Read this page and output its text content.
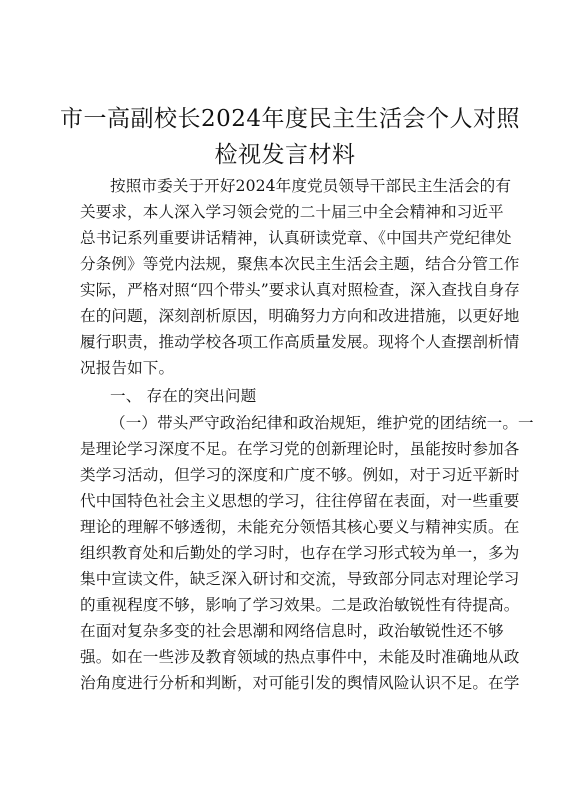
市一高副校长2024年度民主生活会个人对照
检视发言材料
按照市委关于开好2024年度党员领导干部民主生活会的有
关要求，本人深入学习领会党的二十届三中全会精神和习近平
总书记系列重要讲话精神，认真研读党章、《中国共产党纪律处
分条例》等党内法规，聚焦本次民主生活会主题，结合分管工作
实际，严格对照“四个带头”要求认真对照检查，深入查找自身存
在的问题，深刻剖析原因，明确努力方向和改进措施，以更好地
履行职责，推动学校各项工作高质量发展。现将个人查摆剖析情
况报告如下。
一、 存在的突出问题
（一）带头严守政治纪律和政治规矩，维护党的团结统一。一
是理论学习深度不足。在学习党的创新理论时，虽能按时参加各
类学习活动，但学习的深度和广度不够。例如，对于习近平新时
代中国特色社会主义思想的学习，往往停留在表面，对一些重要
理论的理解不够透彻，未能充分领悟其核心要义与精神实质。在
组织教育处和后勤处的学习时，也存在学习形式较为单一，多为
集中宣读文件，缺乏深入研讨和交流，导致部分同志对理论学习
的重视程度不够，影响了学习效果。二是政治敏锐性有待提高。
在面对复杂多变的社会思潮和网络信息时，政治敏锐性还不够
强。如在一些涉及教育领域的热点事件中，未能及时准确地从政
治角度进行分析和判断，对可能引发的舆情风险认识不足。在学
